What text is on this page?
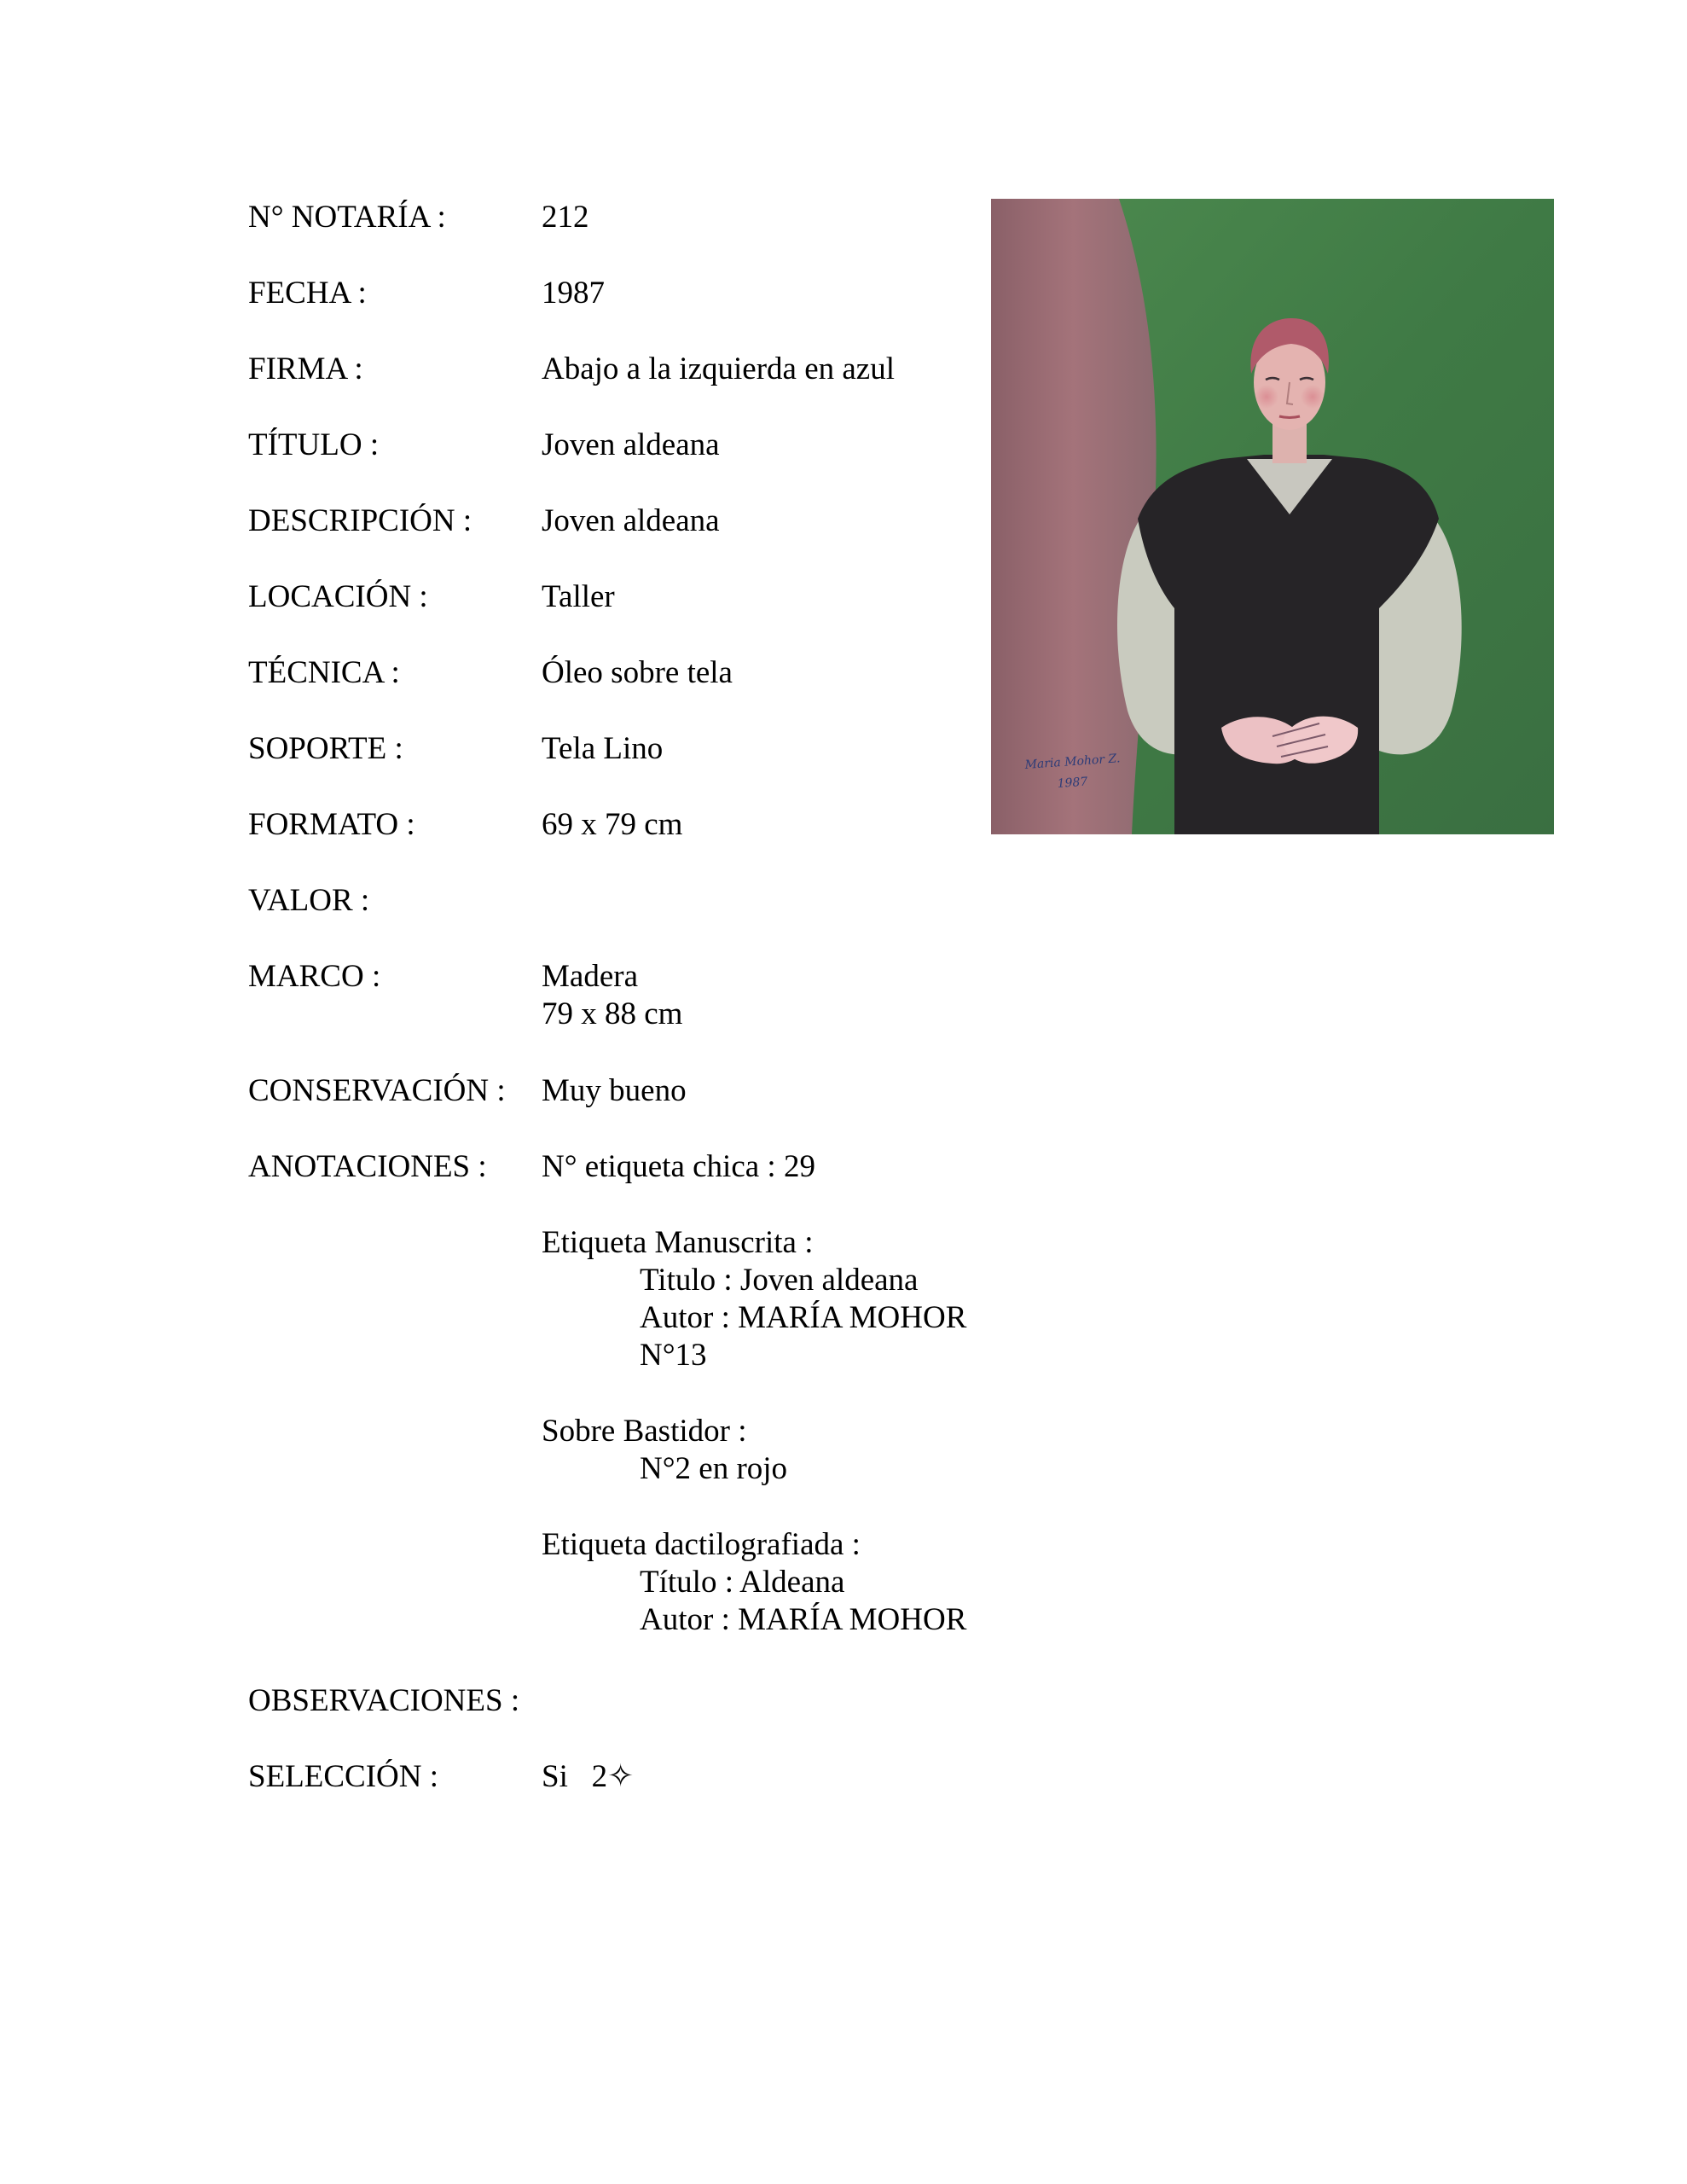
N° NOTARÍA :	212
FECHA :	1987
FIRMA :	Abajo a la izquierda en azul
TÍTULO :	Joven aldeana
DESCRIPCIÓN : Joven aldeana
LOCACIÓN :	Taller
TÉCNICA :	Óleo sobre tela
SOPORTE :	Tela Lino
FORMATO :	69 x 79 cm
VALOR :
MARCO :	Madera
79 x 88 cm
CONSERVACIÓN : Muy bueno
ANOTACIONES : N° etiqueta chica : 29
Etiqueta Manuscrita :
Titulo : Joven aldeana
Autor : MARÍA MOHOR
N°13
Sobre Bastidor :
N°2 en rojo
Etiqueta dactilografiada :
Título : Aldeana
Autor : MARÍA MOHOR
OBSERVACIONES :
SELECCIÓN :	Si   2✧
Maria Mohor Z.
1987
